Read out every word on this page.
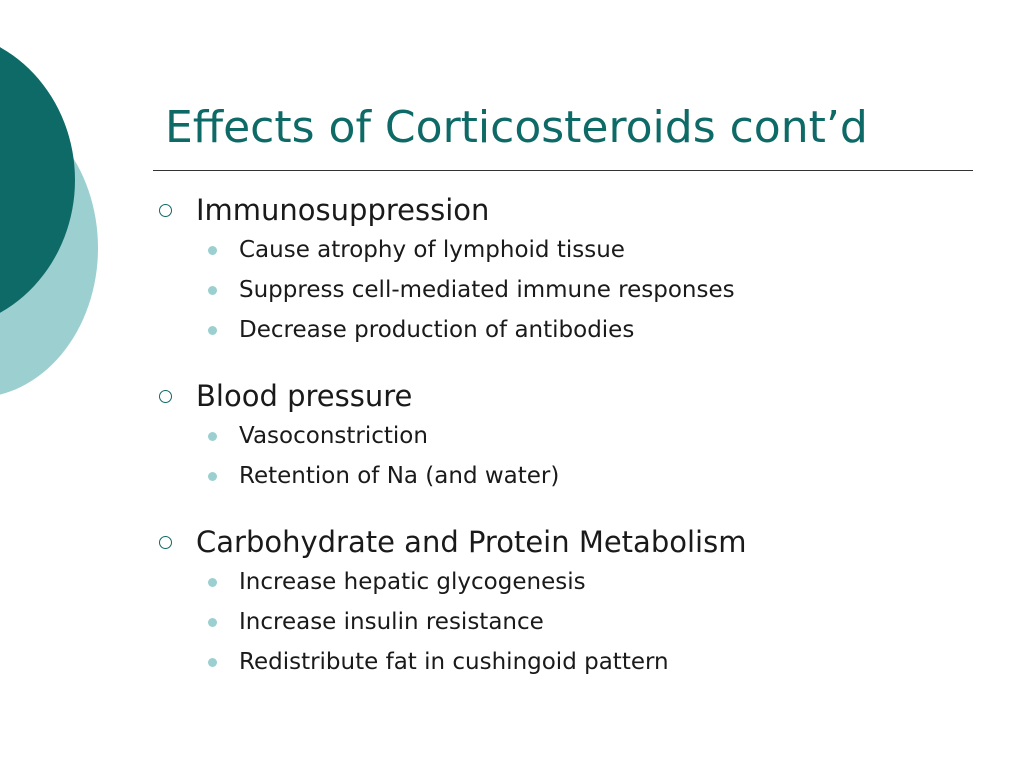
Effects of Corticosteroids cont’d
Immunosuppression
Cause atrophy of lymphoid tissue
Suppress cell-mediated immune responses
Decrease production of antibodies
Blood pressure
Vasoconstriction
Retention of Na (and water)
Carbohydrate and Protein Metabolism
Increase hepatic glycogenesis
Increase insulin resistance
Redistribute fat in cushingoid pattern
